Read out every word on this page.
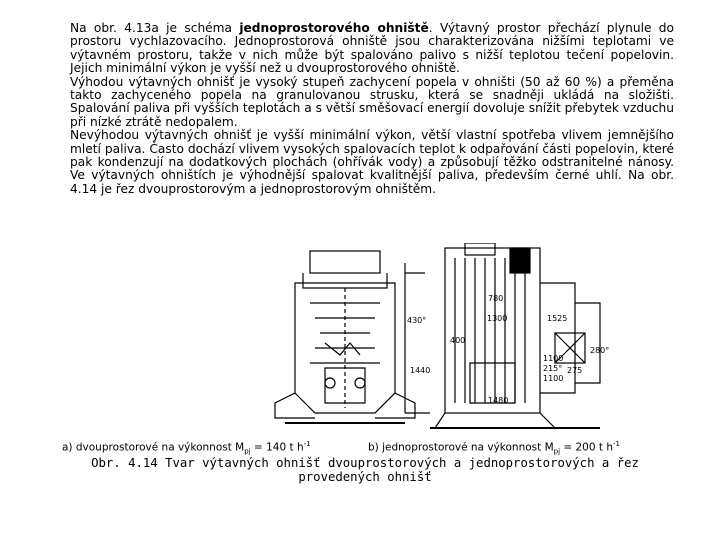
Na obr. 4.13a je schéma jednoprostorového ohniště. Výtavný prostor přechází plynule do prostoru vychlazovacího. Jednoprostorová ohniště jsou charakterizována nižšími teplotami ve výtavném prostoru, takže v nich může být spalováno palivo s nižší teplotou tečení popelovin. Jejich minimální výkon je vyšší než u dvouprostorového ohniště.

Výhodou výtavných ohnišť je vysoký stupeň zachycení popela v ohništi (50 až 60 %) a přeměna takto zachyceného popela na granulovanou strusku, která se snadněji ukládá na složišti. Spalování paliva při vyšších teplotách a s větší směšovací energií dovoluje snížit přebytek vzduchu při nízké ztrátě nedopalem.

Nevýhodou výtavných ohnišť je vyšší minimální výkon, větší vlastní spotřeba vlivem jemnějšího mletí paliva. Často dochází vlivem vysokých spalovacích teplot k odpařování části popelovin, které pak kondenzují na dodatkových plochách (ohřívák vody) a způsobují těžko odstranitelné nánosy. Ve výtavných ohništích je výhodnější spalovat kvalitnější paliva, především černé uhlí. Na obr. 4.14 je řez dvouprostorovým a jednoprostorovým ohništěm.

430°
780
1300
400
1525
1480
1100
1100
215°
1440
280°
275
a) dvouprostorové na výkonnost $M_{pj} = 140$ t $h^{-1}$	b) jednoprostorové na výkonnost $M_{pj} = 200$ t $h^{-1}$
Obr. 4.14 Tvar výtavných ohnišť dvouprostorových a jednoprostorových a řez provedených ohnišť
